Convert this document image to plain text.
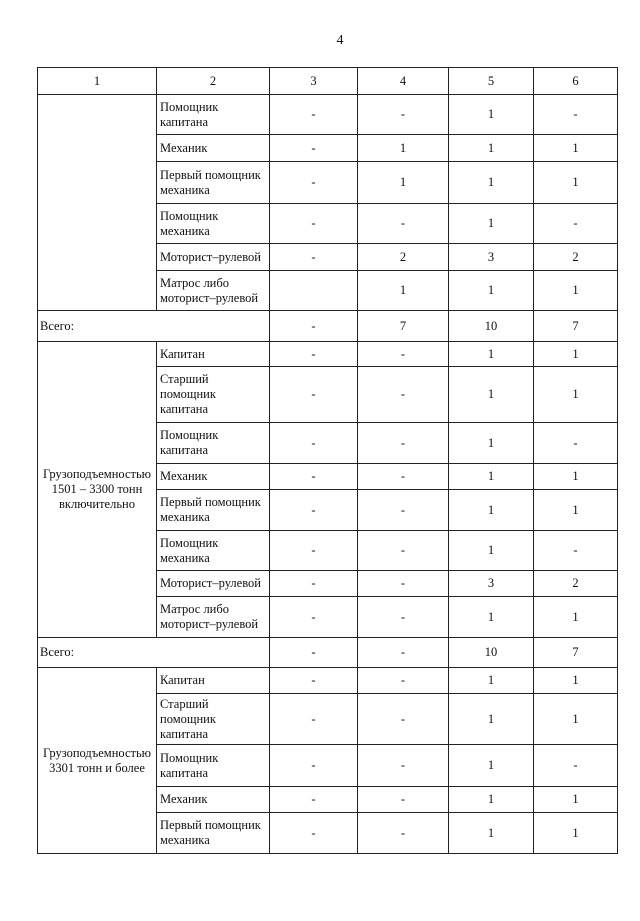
4
1	2	3	4	5	6
	Помощник капитана	-	-	1	-
	Механик	-	1	1	1
	Первый помощник механика	-	1	1	1
	Помощник механика	-	-	1	-
	Моторист–рулевой	-	2	3	2
	Матрос либо моторист–рулевой		1	1	1
Всего:		-	7	10	7
Грузоподъемностью 1501 – 3300 тонн включительно	Капитан	-	-	1	1
	Старший помощник капитана	-	-	1	1
	Помощник капитана	-	-	1	-
	Механик	-	-	1	1
	Первый помощник механика	-	-	1	1
	Помощник механика	-	-	1	-
	Моторист–рулевой	-	-	3	2
	Матрос либо моторист–рулевой	-	-	1	1
Всего:		-	-	10	7
Грузоподъемностью 3301 тонн и более	Капитан	-	-	1	1
	Старший помощник капитана	-	-	1	1
	Помощник капитана	-	-	1	-
	Механик	-	-	1	1
	Первый помощник механика	-	-	1	1
